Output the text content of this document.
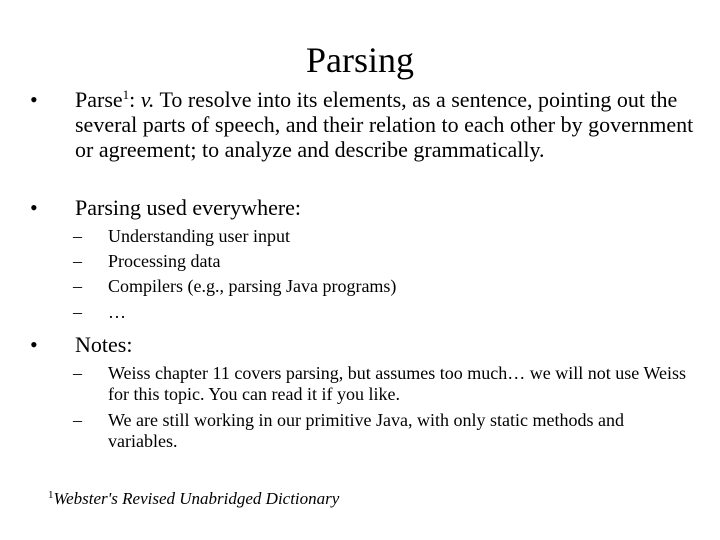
Parsing
• Parse$^1$: v. To resolve into its elements, as a sentence, pointing out the several parts of speech, and their relation to each other by government or agreement; to analyze and describe grammatically.
• Parsing used everywhere:
– Understanding user input
– Processing data
– Compilers (e.g., parsing Java programs)
– …
• Notes:
– Weiss chapter 11 covers parsing, but assumes too much… we will not use Weiss for this topic. You can read it if you like.
– We are still working in our primitive Java, with only static methods and variables.
$^1$Webster's Revised Unabridged Dictionary
